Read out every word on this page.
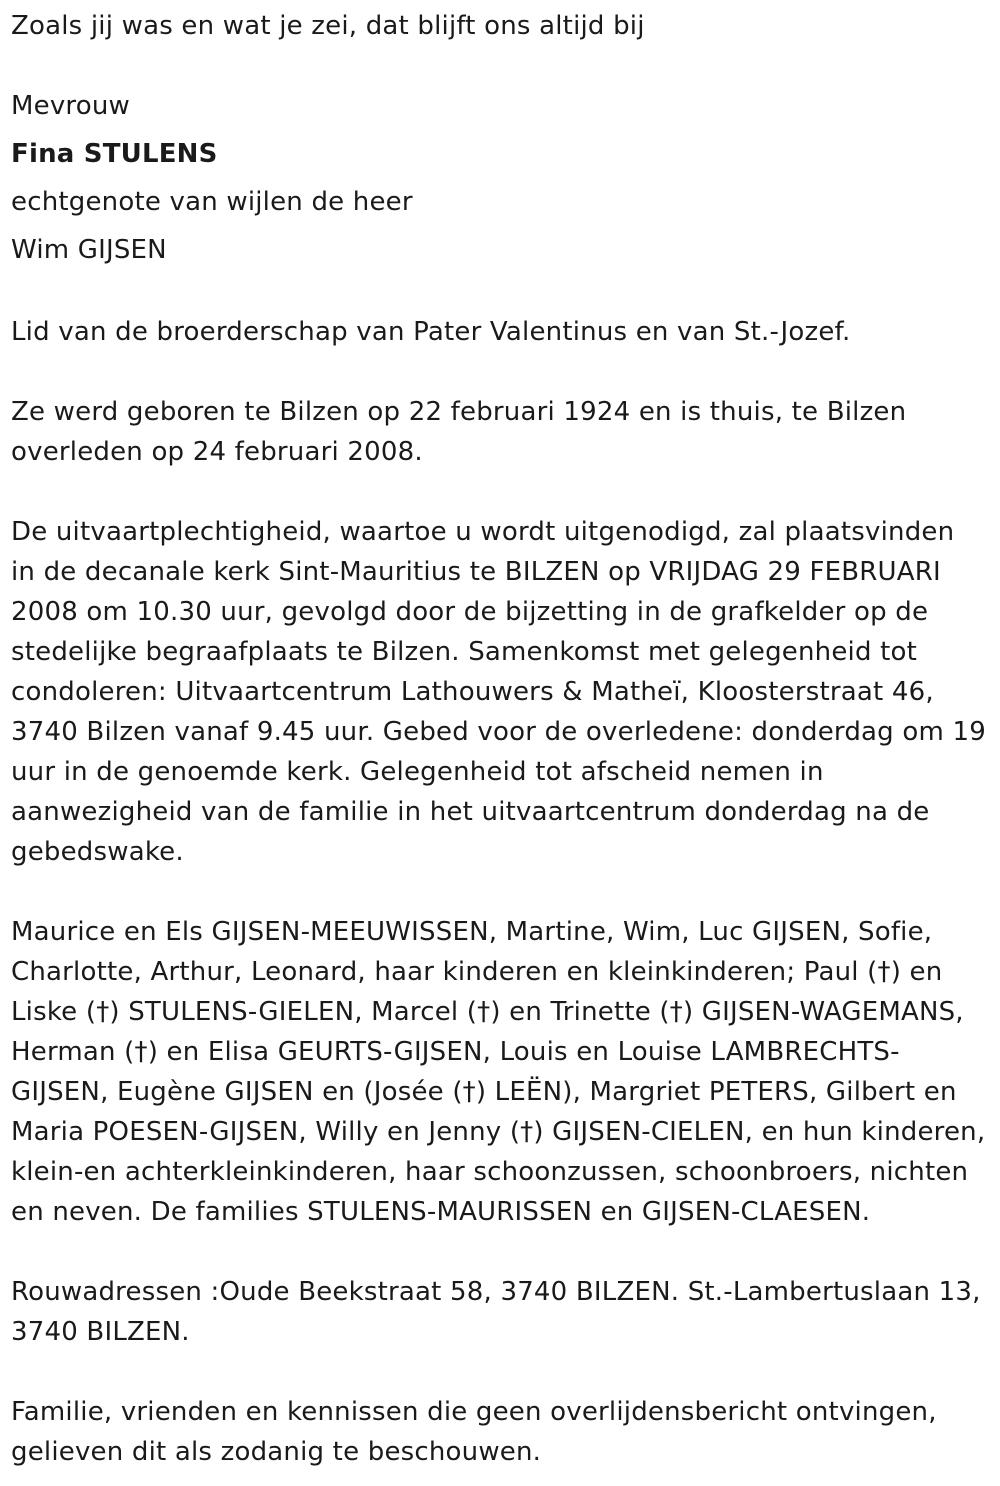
Zoals jij was en wat je zei, dat blijft ons altijd bij
Mevrouw
Fina STULENS
echtgenote van wijlen de heer
Wim GIJSEN
Lid van de broerderschap van Pater Valentinus en van St.-Jozef.
Ze werd geboren te Bilzen op 22 februari 1924 en is thuis, te Bilzen
overleden op 24 februari 2008.
De uitvaartplechtigheid, waartoe u wordt uitgenodigd, zal plaatsvinden
in de decanale kerk Sint-Mauritius te BILZEN op VRIJDAG 29 FEBRUARI
2008 om 10.30 uur, gevolgd door de bijzetting in de grafkelder op de
stedelijke begraafplaats te Bilzen. Samenkomst met gelegenheid tot
condoleren: Uitvaartcentrum Lathouwers & Matheï, Kloosterstraat 46,
3740 Bilzen vanaf 9.45 uur. Gebed voor de overledene: donderdag om 19
uur in de genoemde kerk. Gelegenheid tot afscheid nemen in
aanwezigheid van de familie in het uitvaartcentrum donderdag na de
gebedswake.
Maurice en Els GIJSEN-MEEUWISSEN, Martine, Wim, Luc GIJSEN, Sofie,
Charlotte, Arthur, Leonard, haar kinderen en kleinkinderen; Paul (†) en
Liske (†) STULENS-GIELEN, Marcel (†) en Trinette (†) GIJSEN-WAGEMANS,
Herman (†) en Elisa GEURTS-GIJSEN, Louis en Louise LAMBRECHTS-
GIJSEN, Eugène GIJSEN en (Josée (†) LEËN), Margriet PETERS, Gilbert en
Maria POESEN-GIJSEN, Willy en Jenny (†) GIJSEN-CIELEN, en hun kinderen,
klein-en achterkleinkinderen, haar schoonzussen, schoonbroers, nichten
en neven. De families STULENS-MAURISSEN en GIJSEN-CLAESEN.
Rouwadressen :Oude Beekstraat 58, 3740 BILZEN. St.-Lambertuslaan 13,
3740 BILZEN.
Familie, vrienden en kennissen die geen overlijdensbericht ontvingen,
gelieven dit als zodanig te beschouwen.
